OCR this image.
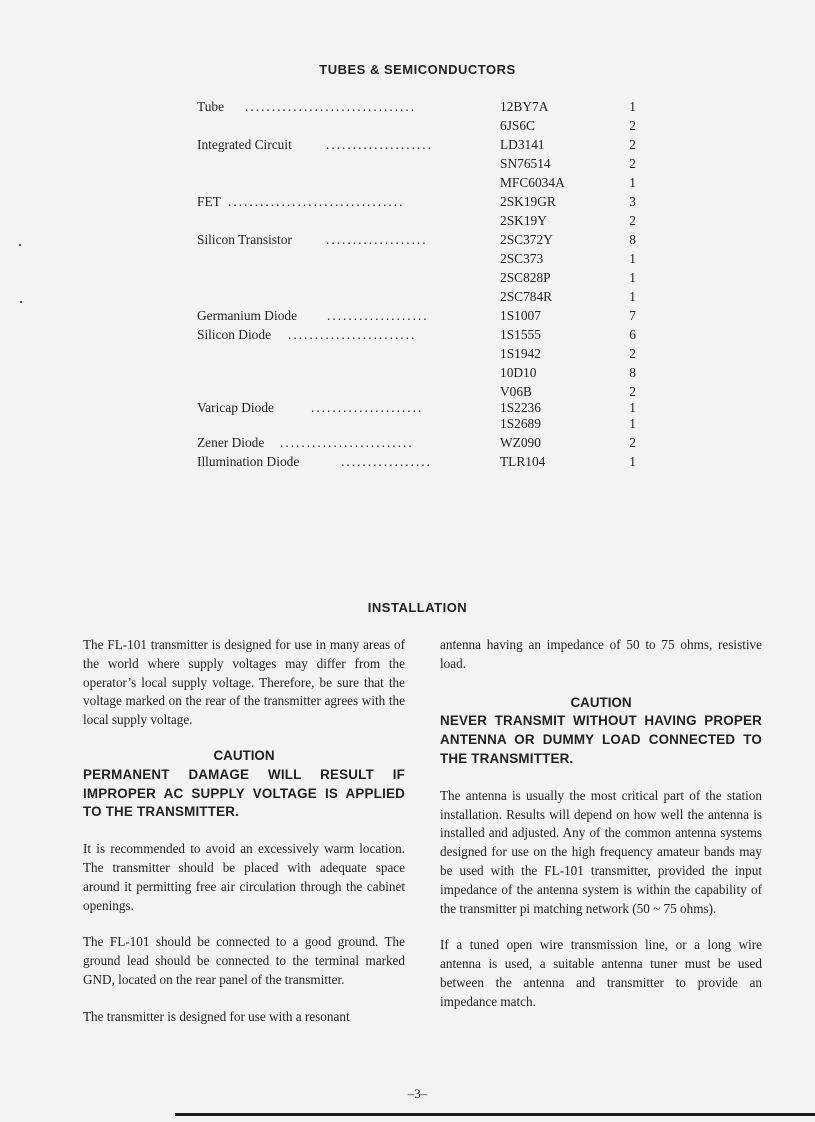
TUBES & SEMICONDUCTORS
Tube ................................	12BY7A	1
6JS6C	2
Integrated Circuit	....................	LD3141	2
SN76514	2
MFC6034A	1
FET .................................	2SK19GR	3
2SK19Y	2
Silicon Transistor	...................	2SC372Y	8
2SC373	1
2SC828P	1
2SC784R	1
Germanium Diode ...................	1S1007	7
Silicon Diode ........................	1S1555	6
1S1942	2
10D10	8
V06B	2
Varicap Diode	.....................	1S2236	1
1S2689	1
Zener Diode .........................	WZ090	2
Illumination Diode	.................	TLR104	1
INSTALLATION

The FL-101 transmitter is designed for use in many areas of the world where supply voltages may differ from the operator’s local supply voltage. Therefore, be sure that the voltage marked on the rear of the transmitter agrees with the local supply voltage.

CAUTION
PERMANENT DAMAGE WILL RESULT IF IMPROPER AC SUPPLY VOLTAGE IS APPLIED TO THE TRANSMITTER.

It is recommended to avoid an excessively warm location. The transmitter should be placed with adequate space around it permitting free air circulation through the cabinet openings.

The FL-101 should be connected to a good ground. The ground lead should be connected to the terminal marked GND, located on the rear panel of the transmitter.

The transmitter is designed for use with a resonant

antenna having an impedance of 50 to 75 ohms, resistive load.

CAUTION
NEVER TRANSMIT WITHOUT HAVING PROPER ANTENNA OR DUMMY LOAD CONNECTED TO THE TRANSMITTER.

The antenna is usually the most critical part of the station installation. Results will depend on how well the antenna is installed and adjusted. Any of the common antenna systems designed for use on the high frequency amateur bands may be used with the FL-101 transmitter, provided the input impedance of the antenna system is within the capability of the transmitter pi matching network (50 ~ 75 ohms).

If a tuned open wire transmission line, or a long wire antenna is used, a suitable antenna tuner must be used between the antenna and transmitter to provide an impedance match.

–3–
